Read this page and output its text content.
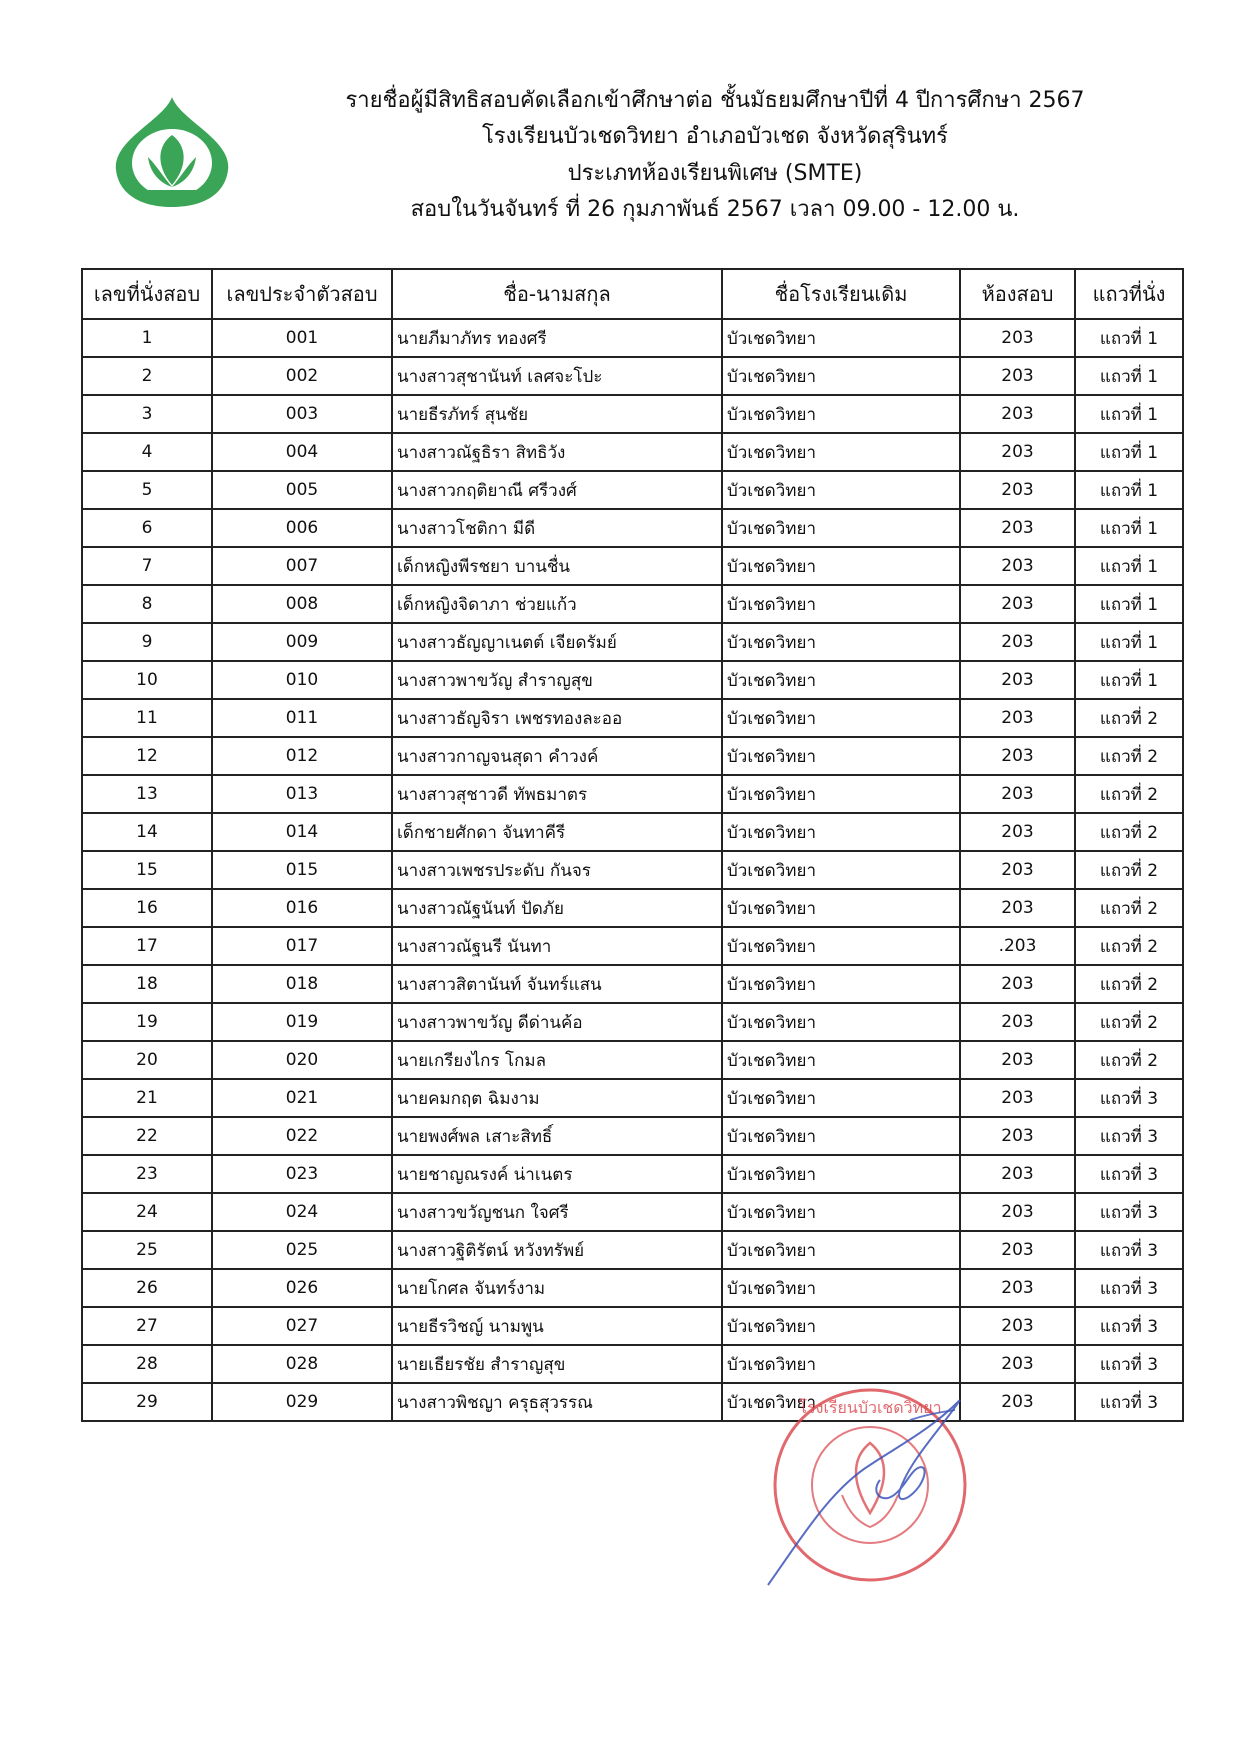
รายชื่อผู้มีสิทธิสอบคัดเลือกเข้าศึกษาต่อ ชั้นมัธยมศึกษาปีที่ 4 ปีการศึกษา 2567
โรงเรียนบัวเชดวิทยา อำเภอบัวเชด จังหวัดสุรินทร์
ประเภทห้องเรียนพิเศษ (SMTE)
สอบในวันจันทร์ ที่ 26 กุมภาพันธ์ 2567 เวลา 09.00 - 12.00 น.
เลขที่นั่งสอบ	เลขประจำตัวสอบ	ชื่อ-นามสกุล	ชื่อโรงเรียนเดิม	ห้องสอบ	แถวที่นั่ง
1	001	นายภีมาภัทร ทองศรี	บัวเชดวิทยา	203	แถวที่ 1
2	002	นางสาวสุชานันท์ เลศจะโปะ	บัวเชดวิทยา	203	แถวที่ 1
3	003	นายธีรภัทร์ สุนชัย	บัวเชดวิทยา	203	แถวที่ 1
4	004	นางสาวณัฐธิรา สิทธิวัง	บัวเชดวิทยา	203	แถวที่ 1
5	005	นางสาวกฤติยาณี ศรีวงศ์	บัวเชดวิทยา	203	แถวที่ 1
6	006	นางสาวโชติกา มีดี	บัวเชดวิทยา	203	แถวที่ 1
7	007	เด็กหญิงพีรชยา บานชื่น	บัวเชดวิทยา	203	แถวที่ 1
8	008	เด็กหญิงจิดาภา ช่วยแก้ว	บัวเชดวิทยา	203	แถวที่ 1
9	009	นางสาวธัญญาเนตต์ เจียดรัมย์	บัวเชดวิทยา	203	แถวที่ 1
10	010	นางสาวพาขวัญ สำราญสุข	บัวเชดวิทยา	203	แถวที่ 1
11	011	นางสาวธัญจิรา เพชรทองละออ	บัวเชดวิทยา	203	แถวที่ 2
12	012	นางสาวกาญจนสุดา คำวงค์	บัวเชดวิทยา	203	แถวที่ 2
13	013	นางสาวสุชาวดี ทัพธมาตร	บัวเชดวิทยา	203	แถวที่ 2
14	014	เด็กชายศักดา จันทาคีรี	บัวเชดวิทยา	203	แถวที่ 2
15	015	นางสาวเพชรประดับ กันจร	บัวเชดวิทยา	203	แถวที่ 2
16	016	นางสาวณัฐนันท์ ปัดภัย	บัวเชดวิทยา	203	แถวที่ 2
17	017	นางสาวณัฐนรี นันทา	บัวเชดวิทยา	.203	แถวที่ 2
18	018	นางสาวสิตานันท์ จันทร์แสน	บัวเชดวิทยา	203	แถวที่ 2
19	019	นางสาวพาขวัญ ดีด่านค้อ	บัวเชดวิทยา	203	แถวที่ 2
20	020	นายเกรียงไกร โกมล	บัวเชดวิทยา	203	แถวที่ 2
21	021	นายคมกฤต ฉิมงาม	บัวเชดวิทยา	203	แถวที่ 3
22	022	นายพงศ์พล เสาะสิทธิ์	บัวเชดวิทยา	203	แถวที่ 3
23	023	นายชาญณรงค์ น่าเนตร	บัวเชดวิทยา	203	แถวที่ 3
24	024	นางสาวขวัญชนก ใจศรี	บัวเชดวิทยา	203	แถวที่ 3
25	025	นางสาวฐิติรัตน์ หวังทรัพย์	บัวเชดวิทยา	203	แถวที่ 3
26	026	นายโกศล จันทร์งาม	บัวเชดวิทยา	203	แถวที่ 3
27	027	นายธีรวิชญ์ นามพูน	บัวเชดวิทยา	203	แถวที่ 3
28	028	นายเธียรชัย สำราญสุข	บัวเชดวิทยา	203	แถวที่ 3
29	029	นางสาวพิชญา ครุธสุวรรณ	บัวเชดวิทยา	203	แถวที่ 3
โรงเรียนบัวเชดวิทยา
